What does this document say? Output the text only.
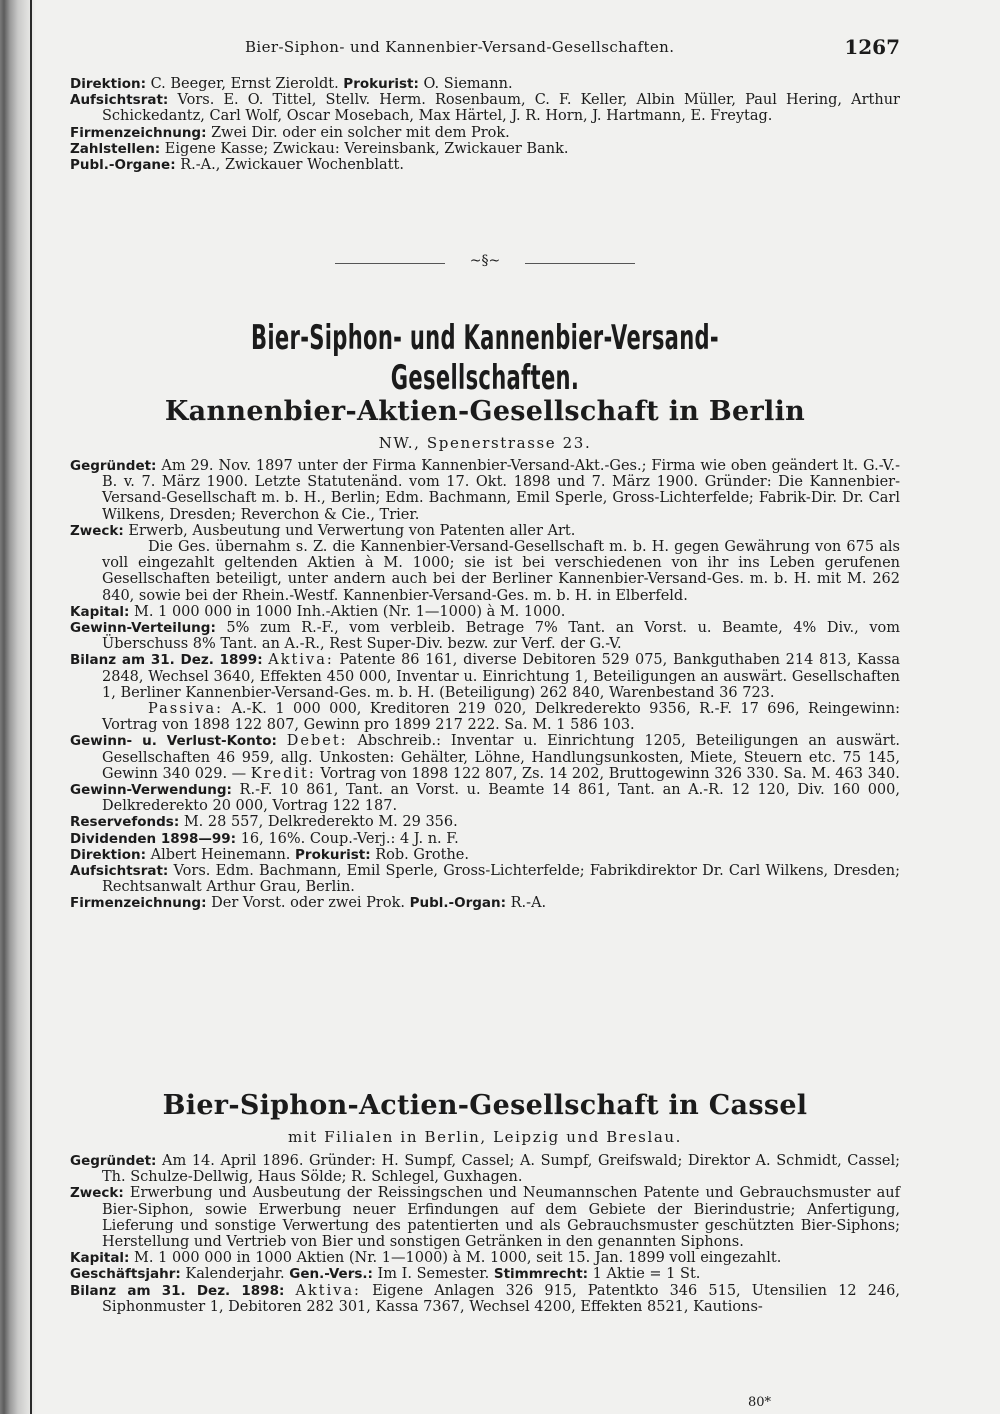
Bier-Siphon- und Kannenbier-Versand-Gesellschaften.	1267

Direktion: C. Beeger, Ernst Zieroldt. Prokurist: O. Siemann.

Aufsichtsrat: Vors. E. O. Tittel, Stellv. Herm. Rosenbaum, C. F. Keller, Albin Müller, Paul Hering, Arthur Schickedantz, Carl Wolf, Oscar Mosebach, Max Härtel, J. R. Horn, J. Hartmann, E. Freytag.

Firmenzeichnung: Zwei Dir. oder ein solcher mit dem Prok.

Zahlstellen: Eigene Kasse; Zwickau: Vereinsbank, Zwickauer Bank.

Publ.-Organe: R.-A., Zwickauer Wochenblatt.

~§~
Bier-Siphon- und Kannenbier-Versand-Gesellschaften.
Kannenbier-Aktien-Gesellschaft in Berlin
NW., Spenerstrasse 23.

Gegründet: Am 29. Nov. 1897 unter der Firma Kannenbier-Versand-Akt.-Ges.; Firma wie oben geändert lt. G.-V.-B. v. 7. März 1900. Letzte Statutenänd. vom 17. Okt. 1898 und 7. März 1900. Gründer: Die Kannenbier-Versand-Gesellschaft m. b. H., Berlin; Edm. Bachmann, Emil Sperle, Gross-Lichterfelde; Fabrik-Dir. Dr. Carl Wilkens, Dresden; Reverchon & Cie., Trier.

Zweck: Erwerb, Ausbeutung und Verwertung von Patenten aller Art.

Die Ges. übernahm s. Z. die Kannenbier-Versand-Gesellschaft m. b. H. gegen Gewährung von 675 als voll eingezahlt geltenden Aktien à M. 1000; sie ist bei verschiedenen von ihr ins Leben gerufenen Gesellschaften beteiligt, unter andern auch bei der Berliner Kannenbier-Versand-Ges. m. b. H. mit M. 262 840, sowie bei der Rhein.-Westf. Kannenbier-Versand-Ges. m. b. H. in Elberfeld.

Kapital: M. 1 000 000 in 1000 Inh.-Aktien (Nr. 1—1000) à M. 1000.

Gewinn-Verteilung: 5% zum R.-F., vom verbleib. Betrage 7% Tant. an Vorst. u. Beamte, 4% Div., vom Überschuss 8% Tant. an A.-R., Rest Super-Div. bezw. zur Verf. der G.-V.

Bilanz am 31. Dez. 1899: Aktiva: Patente 86 161, diverse Debitoren 529 075, Bankguthaben 214 813, Kassa 2848, Wechsel 3640, Effekten 450 000, Inventar u. Einrichtung 1, Beteiligungen an auswärt. Gesellschaften 1, Berliner Kannenbier-Versand-Ges. m. b. H. (Beteiligung) 262 840, Warenbestand 36 723.

Passiva: A.-K. 1 000 000, Kreditoren 219 020, Delkrederekto 9356, R.-F. 17 696, Reingewinn: Vortrag von 1898 122 807, Gewinn pro 1899 217 222. Sa. M. 1 586 103.

Gewinn- u. Verlust-Konto: Debet: Abschreib.: Inventar u. Einrichtung 1205, Beteiligungen an auswärt. Gesellschaften 46 959, allg. Unkosten: Gehälter, Löhne, Handlungsunkosten, Miete, Steuern etc. 75 145, Gewinn 340 029. — Kredit: Vortrag von 1898 122 807, Zs. 14 202, Bruttogewinn 326 330. Sa. M. 463 340.

Gewinn-Verwendung: R.-F. 10 861, Tant. an Vorst. u. Beamte 14 861, Tant. an A.-R. 12 120, Div. 160 000, Delkrederekto 20 000, Vortrag 122 187.

Reservefonds: M. 28 557, Delkrederekto M. 29 356.

Dividenden 1898—99: 16, 16%. Coup.-Verj.: 4 J. n. F.

Direktion: Albert Heinemann. Prokurist: Rob. Grothe.

Aufsichtsrat: Vors. Edm. Bachmann, Emil Sperle, Gross-Lichterfelde; Fabrikdirektor Dr. Carl Wilkens, Dresden; Rechtsanwalt Arthur Grau, Berlin.

Firmenzeichnung: Der Vorst. oder zwei Prok. Publ.-Organ: R.-A.

Bier-Siphon-Actien-Gesellschaft in Cassel
mit Filialen in Berlin, Leipzig und Breslau.

Gegründet: Am 14. April 1896. Gründer: H. Sumpf, Cassel; A. Sumpf, Greifswald; Direktor A. Schmidt, Cassel; Th. Schulze-Dellwig, Haus Sölde; R. Schlegel, Guxhagen.

Zweck: Erwerbung und Ausbeutung der Reissingschen und Neumannschen Patente und Gebrauchsmuster auf Bier-Siphon, sowie Erwerbung neuer Erfindungen auf dem Gebiete der Bierindustrie; Anfertigung, Lieferung und sonstige Verwertung des patentierten und als Gebrauchsmuster geschützten Bier-Siphons; Herstellung und Vertrieb von Bier und sonstigen Getränken in den genannten Siphons.

Kapital: M. 1 000 000 in 1000 Aktien (Nr. 1—1000) à M. 1000, seit 15. Jan. 1899 voll eingezahlt.

Geschäftsjahr: Kalenderjahr. Gen.-Vers.: Im I. Semester. Stimmrecht: 1 Aktie = 1 St.

Bilanz am 31. Dez. 1898: Aktiva: Eigene Anlagen 326 915, Patentkto 346 515, Utensilien 12 246, Siphonmuster 1, Debitoren 282 301, Kassa 7367, Wechsel 4200, Effekten 8521, Kautions-

80*
